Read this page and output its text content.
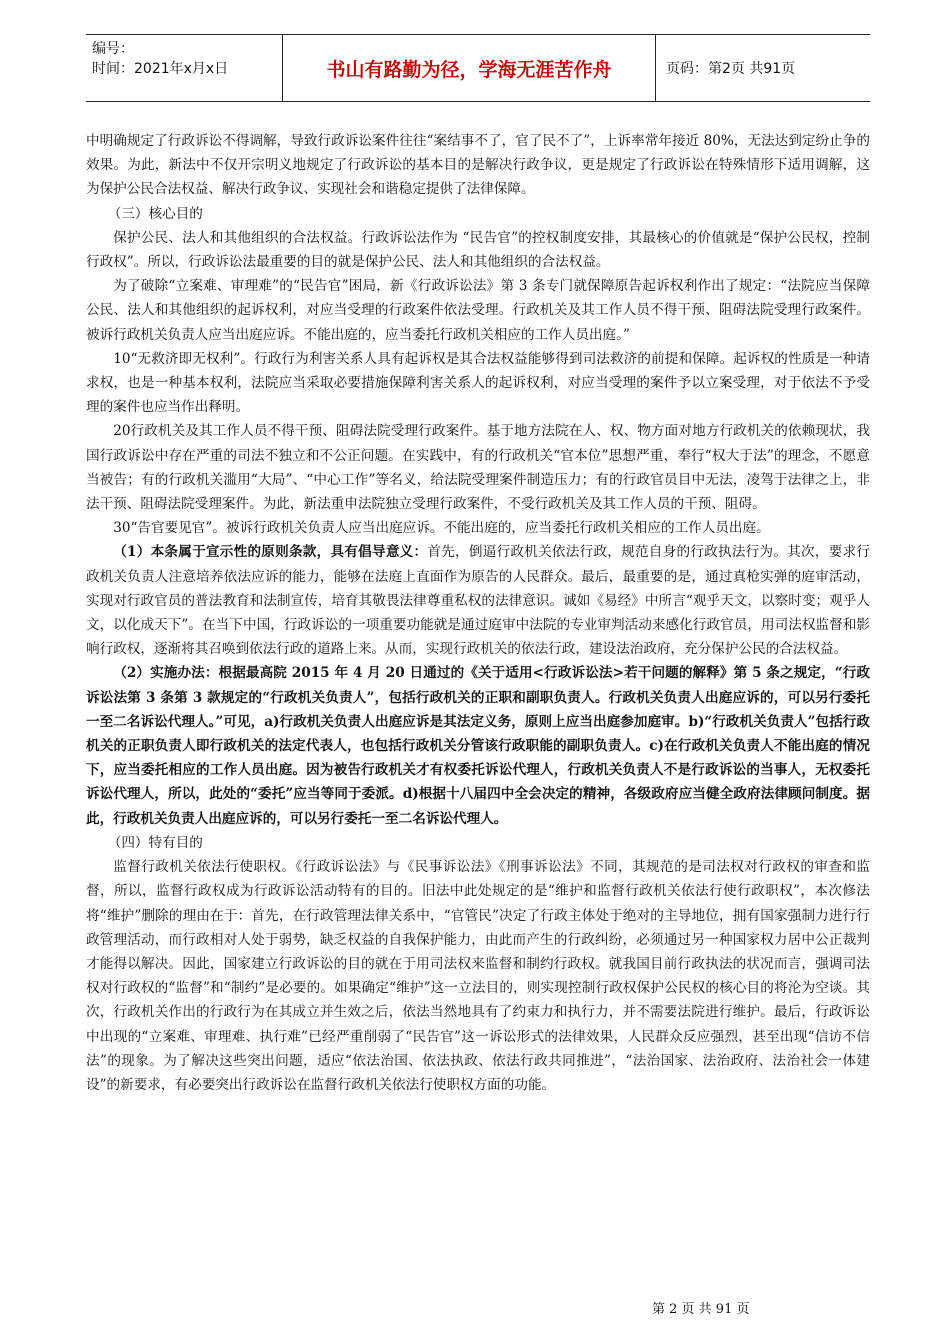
编号：
时间：2021年x月x日	书山有路勤为径，学海无涯苦作舟	页码：第2页 共91页

中明确规定了行政诉讼不得调解，导致行政诉讼案件往往“案结事不了，官了民不了”，上诉率常年接近 80%，无法达到定纷止争的效果。为此，新法中不仅开宗明义地规定了行政诉讼的基本目的是解决行政争议，更是规定了行政诉讼在特殊情形下适用调解，这为保护公民合法权益、解决行政争议、实现社会和谐稳定提供了法律保障。

（三）核心目的

保护公民、法人和其他组织的合法权益。行政诉讼法作为 “民告官”的控权制度安排，其最核心的价值就是“保护公民权，控制行政权”。所以，行政诉讼法最重要的目的就是保护公民、法人和其他组织的合法权益。

为了破除“立案难、审理难”的“民告官”困局，新《行政诉讼法》第 3 条专门就保障原告起诉权利作出了规定：“法院应当保障公民、法人和其他组织的起诉权利，对应当受理的行政案件依法受理。行政机关及其工作人员不得干预、阻碍法院受理行政案件。被诉行政机关负责人应当出庭应诉。不能出庭的，应当委托行政机关相应的工作人员出庭。”

10“无救济即无权利”。行政行为利害关系人具有起诉权是其合法权益能够得到司法救济的前提和保障。起诉权的性质是一种请求权，也是一种基本权利，法院应当采取必要措施保障利害关系人的起诉权利，对应当受理的案件予以立案受理，对于依法不予受理的案件也应当作出释明。

20行政机关及其工作人员不得干预、阻碍法院受理行政案件。基于地方法院在人、权、物方面对地方行政机关的依赖现状，我国行政诉讼中存在严重的司法不独立和不公正问题。在实践中，有的行政机关“官本位”思想严重，奉行“权大于法”的理念，不愿意当被告；有的行政机关滥用“大局”、“中心工作”等名义，给法院受理案件制造压力；有的行政官员目中无法，凌驾于法律之上，非法干预、阻碍法院受理案件。为此，新法重申法院独立受理行政案件，不受行政机关及其工作人员的干预、阻碍。

30“告官要见官”。被诉行政机关负责人应当出庭应诉。不能出庭的，应当委托行政机关相应的工作人员出庭。

（1）本条属于宣示性的原则条款，具有倡导意义：首先，倒逼行政机关依法行政，规范自身的行政执法行为。其次，要求行政机关负责人注意培养依法应诉的能力，能够在法庭上直面作为原告的人民群众。最后，最重要的是，通过真枪实弹的庭审活动，实现对行政官员的普法教育和法制宣传，培育其敬畏法律尊重私权的法律意识。诚如《易经》中所言“观乎天文，以察时变；观乎人文，以化成天下”。在当下中国，行政诉讼的一项重要功能就是通过庭审中法院的专业审判活动来感化行政官员，用司法权监督和影响行政权，逐渐将其召唤到依法行政的道路上来。从而，实现行政机关的依法行政，建设法治政府，充分保护公民的合法权益。

（2）实施办法：根据最高院 2015 年 4 月 20 日通过的《关于适用<行政诉讼法>若干问题的解释》第 5 条之规定，“行政诉讼法第 3 条第 3 款规定的“行政机关负责人”，包括行政机关的正职和副职负责人。行政机关负责人出庭应诉的，可以另行委托一至二名诉讼代理人。”可见，a)行政机关负责人出庭应诉是其法定义务，原则上应当出庭参加庭审。b)“行政机关负责人”包括行政机关的正职负责人即行政机关的法定代表人，也包括行政机关分管该行政职能的副职负责人。c)在行政机关负责人不能出庭的情况下，应当委托相应的工作人员出庭。因为被告行政机关才有权委托诉讼代理人，行政机关负责人不是行政诉讼的当事人，无权委托诉讼代理人，所以，此处的“委托”应当等同于委派。d)根据十八届四中全会决定的精神，各级政府应当健全政府法律顾问制度。据此，行政机关负责人出庭应诉的，可以另行委托一至二名诉讼代理人。

（四）特有目的

监督行政机关依法行使职权。《行政诉讼法》与《民事诉讼法》《刑事诉讼法》不同，其规范的是司法权对行政权的审查和监督，所以，监督行政权成为行政诉讼活动特有的目的。旧法中此处规定的是“维护和监督行政机关依法行使行政职权”，本次修法将“维护”删除的理由在于：首先，在行政管理法律关系中，“官管民”决定了行政主体处于绝对的主导地位，拥有国家强制力进行行政管理活动，而行政相对人处于弱势，缺乏权益的自我保护能力，由此而产生的行政纠纷，必须通过另一种国家权力居中公正裁判才能得以解决。因此，国家建立行政诉讼的目的就在于用司法权来监督和制约行政权。就我国目前行政执法的状况而言，强调司法权对行政权的“监督”和“制约”是必要的。如果确定“维护”这一立法目的，则实现控制行政权保护公民权的核心目的将沦为空谈。其次，行政机关作出的行政行为在其成立并生效之后，依法当然地具有了约束力和执行力，并不需要法院进行维护。最后，行政诉讼中出现的“立案难、审理难、执行难”已经严重削弱了“民告官”这一诉讼形式的法律效果，人民群众反应强烈，甚至出现“信访不信法”的现象。为了解决这些突出问题，适应“依法治国、依法执政、依法行政共同推进”，“法治国家、法治政府、法治社会一体建设”的新要求，有必要突出行政诉讼在监督行政机关依法行使职权方面的功能。

第 2 页 共 91 页
